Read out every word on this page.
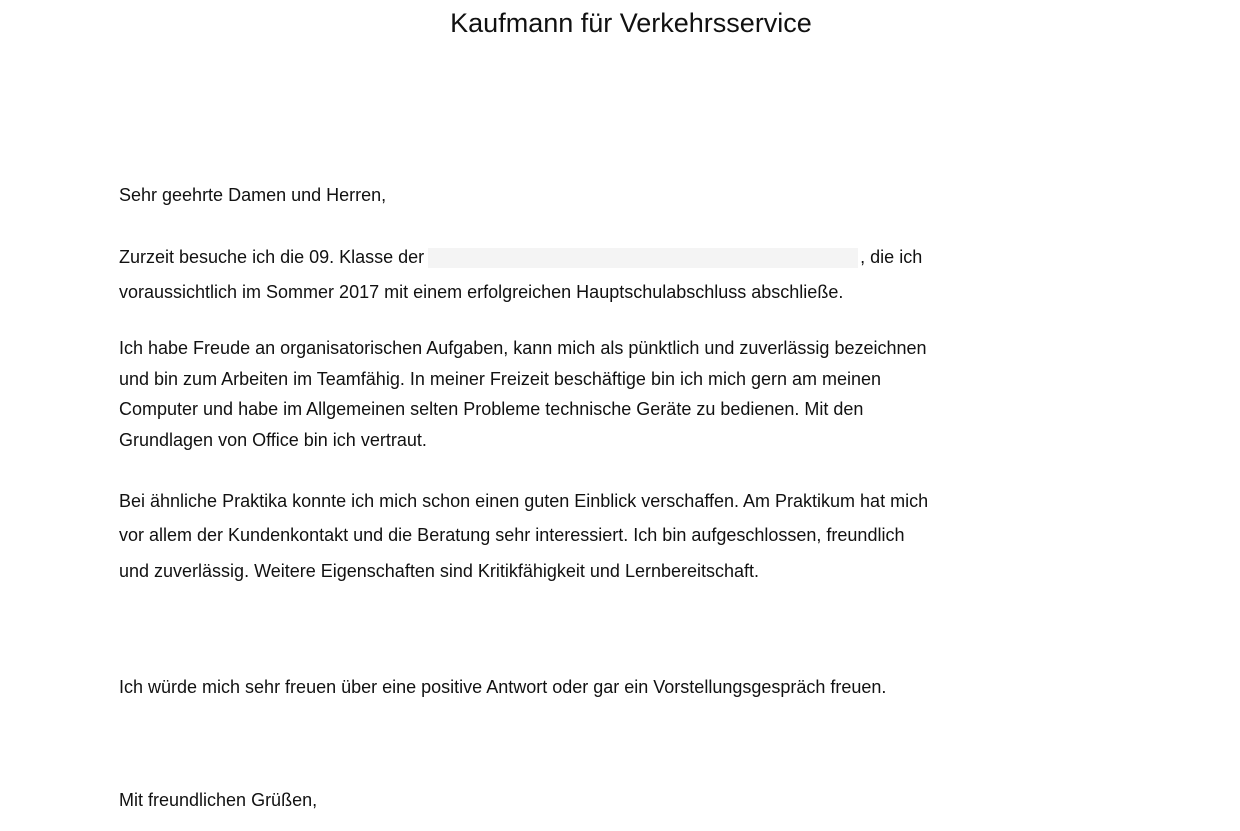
Kaufmann für Verkehrsservice
Sehr geehrte Damen und Herren,
Zurzeit besuche ich die 09. Klasse der	, die ich
voraussichtlich im Sommer 2017 mit einem erfolgreichen Hauptschulabschluss abschließe.
Ich habe Freude an organisatorischen Aufgaben, kann mich als pünktlich und zuverlässig bezeichnen
und bin zum Arbeiten im Teamfähig. In meiner Freizeit beschäftige bin ich mich gern am meinen
Computer und habe im Allgemeinen selten Probleme technische Geräte zu bedienen. Mit den
Grundlagen von Office bin ich vertraut.
Bei ähnliche Praktika konnte ich mich schon einen guten Einblick verschaffen. Am Praktikum hat mich
vor allem der Kundenkontakt und die Beratung sehr interessiert. Ich bin aufgeschlossen, freundlich
und zuverlässig. Weitere Eigenschaften sind Kritikfähigkeit und Lernbereitschaft.
Ich würde mich sehr freuen über eine positive Antwort oder gar ein Vorstellungsgespräch freuen.
Mit freundlichen Grüßen,
